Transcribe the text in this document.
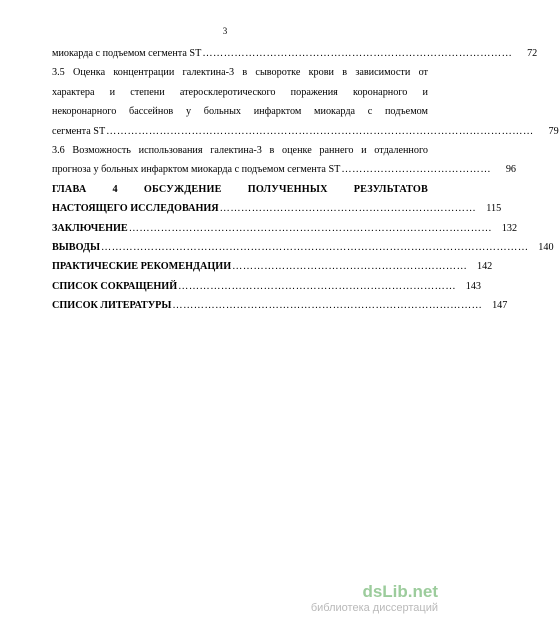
3
миокарда с подъемом сегмента ST ……………………………………………………………………………	72
3.5 Оценка концентрации галектина-3 в сыворотке крови в зависимости от
характера и степени атеросклеротического поражения коронарного и
некоронарного бассейнов у больных инфарктом миокарда с подъемом
сегмента ST …………………………………………………………………………………………………………	79
3.6 Возможность использования галектина-3 в оценке раннего и отдаленного
прогноза у больных инфарктом миокарда с подъемом сегмента ST ……………………………………	96
ГЛАВА 4 ОБСУЖДЕНИЕ ПОЛУЧЕННЫХ РЕЗУЛЬТАТОВ
НАСТОЯЩЕГО ИССЛЕДОВАНИЯ ……………………………………………………………… 115
ЗАКЛЮЧЕНИЕ ………………………………………………………………………………………… 132
ВЫВОДЫ ………………………………………………………………………………………………………… 140
ПРАКТИЧЕСКИЕ РЕКОМЕНДАЦИИ ………………………………………………………… 142
СПИСОК СОКРАЩЕНИЙ …………………………………………………………………… 143
СПИСОК ЛИТЕРАТУРЫ …………………………………………………………………………… 147
dsLib.net
библиотека диссертаций
